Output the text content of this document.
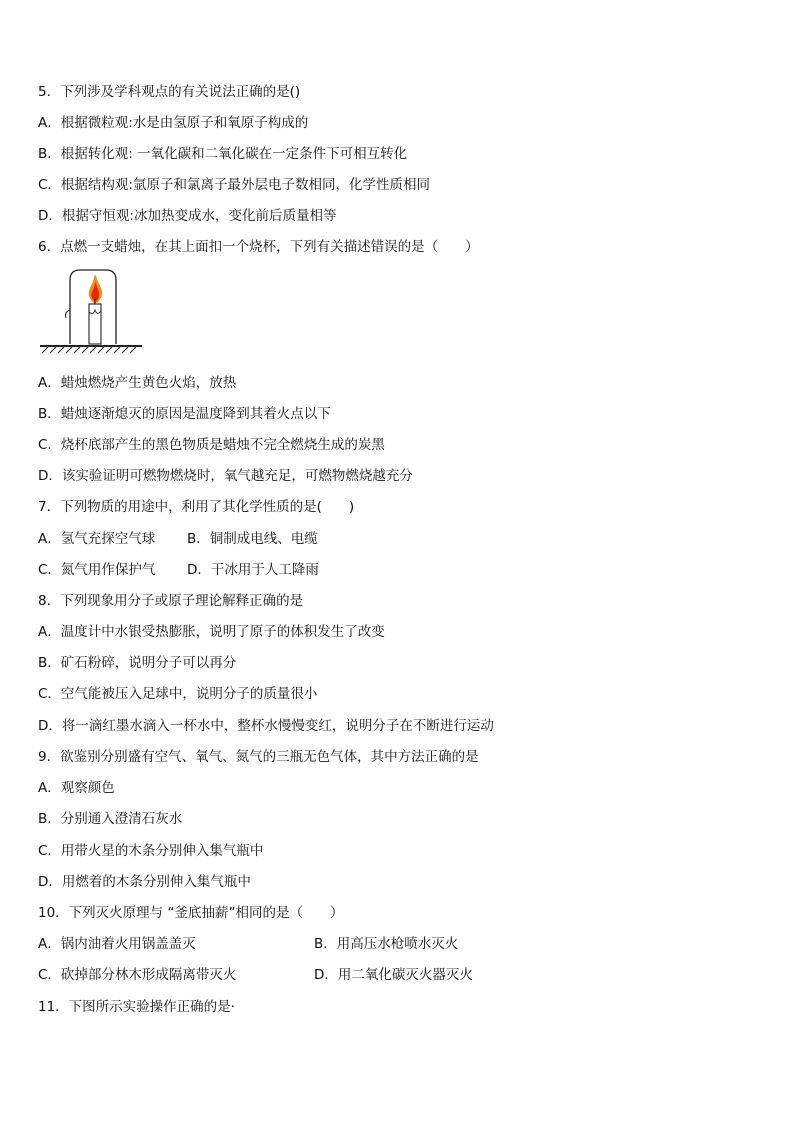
5．下列涉及学科观点的有关说法正确的是()
A．根据微粒观:水是由氢原子和氧原子构成的
B．根据转化观: 一氧化碳和二氧化碳在一定条件下可相互转化
C．根据结构观:氩原子和氯离子最外层电子数相同，化学性质相同
D．根据守恒观:冰加热变成水，变化前后质量相等
6．点燃一支蜡烛，在其上面扣一个烧杯，下列有关描述错误的是（　　）
A．蜡烛燃烧产生黄色火焰，放热
B．蜡烛逐渐熄灭的原因是温度降到其着火点以下
C．烧杯底部产生的黑色物质是蜡烛不完全燃烧生成的炭黑
D．该实验证明可燃物燃烧时，氧气越充足，可燃物燃烧越充分
7．下列物质的用途中，利用了其化学性质的是(　　)
A．氢气充探空气球 B．铜制成电线、电缆
C．氮气用作保护气 D．干冰用于人工降雨
8．下列现象用分子或原子理论解释正确的是
A．温度计中水银受热膨胀，说明了原子的体积发生了改变
B．矿石粉碎，说明分子可以再分
C．空气能被压入足球中，说明分子的质量很小
D．将一滴红墨水滴入一杯水中，整杯水慢慢变红，说明分子在不断进行运动
9．欲鉴别分别盛有空气、氧气、氮气的三瓶无色气体，其中方法正确的是
A．观察颜色
B．分别通入澄清石灰水
C．用带火星的木条分别伸入集气瓶中
D．用燃着的木条分别伸入集气瓶中
10．下列灭火原理与 “釜底抽薪”相同的是（　　）
A．锅内油着火用锅盖盖灭	B．用高压水枪喷水灭火
C．砍掉部分林木形成隔离带灭火	D．用二氧化碳灭火器灭火
11．下图所示实验操作正确的是·
